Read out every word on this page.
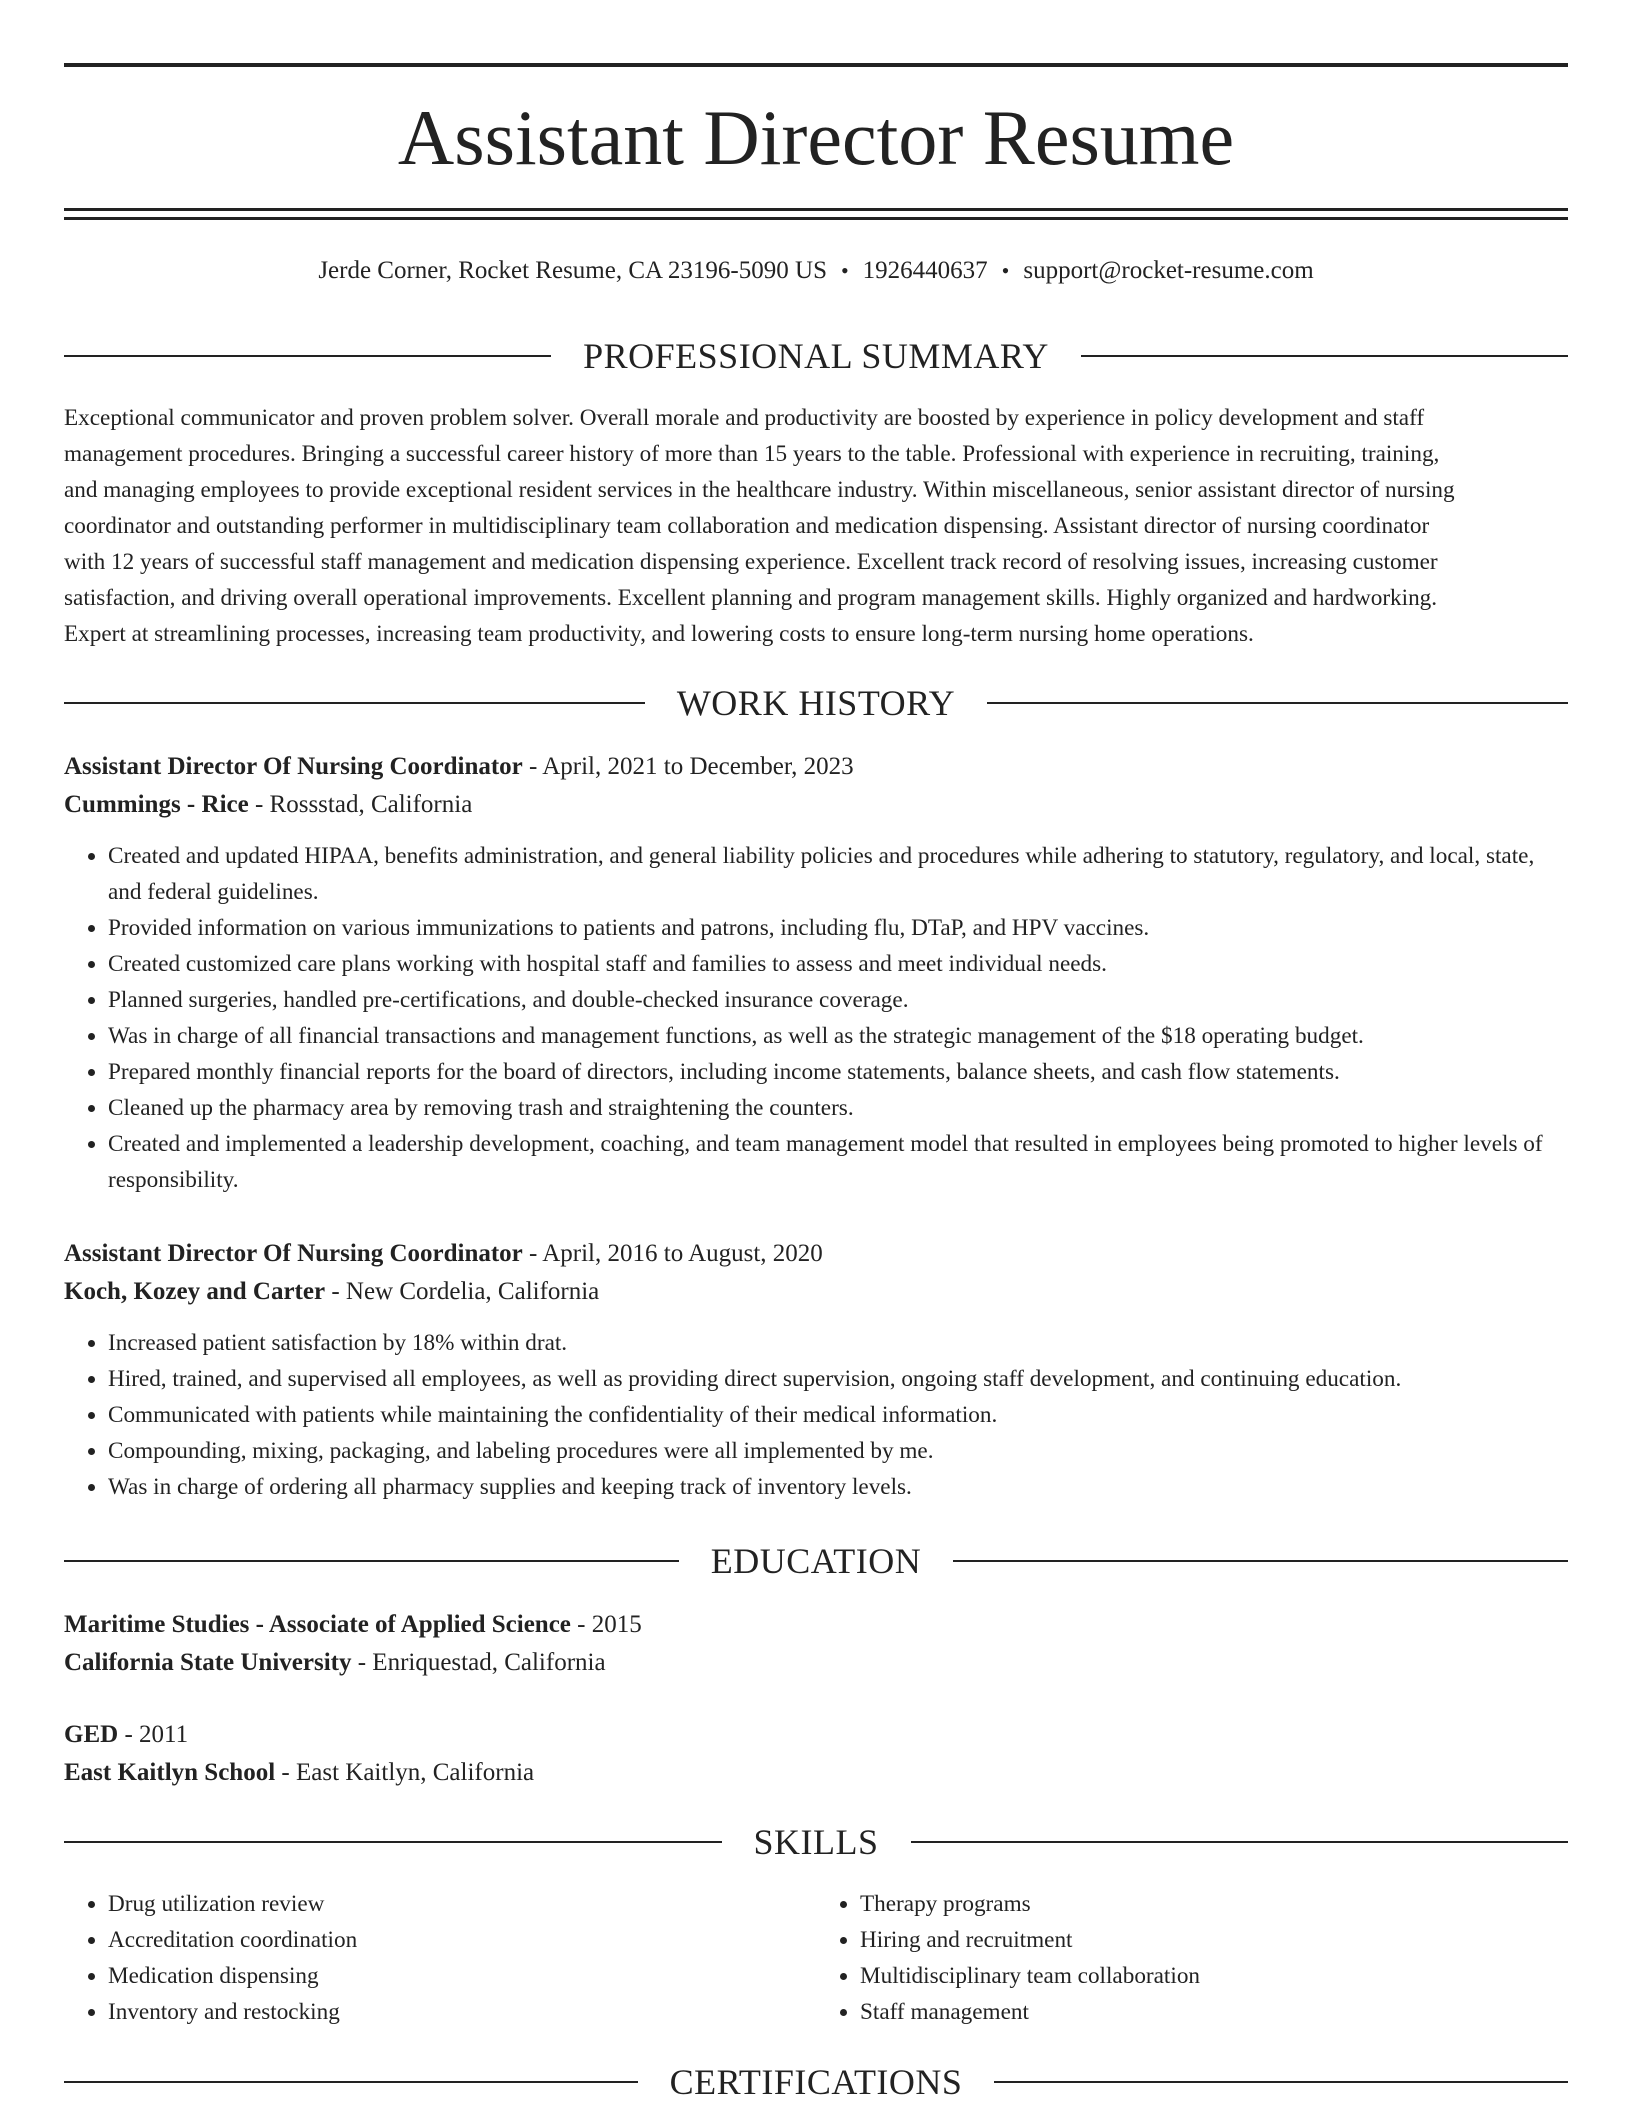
Assistant Director Resume
Jerde Corner, Rocket Resume, CA 23196-5090 US • 1926440637 • support@rocket-resume.com
PROFESSIONAL SUMMARY
Exceptional communicator and proven problem solver. Overall morale and productivity are boosted by experience in policy development and staff
management procedures. Bringing a successful career history of more than 15 years to the table. Professional with experience in recruiting, training,
and managing employees to provide exceptional resident services in the healthcare industry. Within miscellaneous, senior assistant director of nursing
coordinator and outstanding performer in multidisciplinary team collaboration and medication dispensing. Assistant director of nursing coordinator
with 12 years of successful staff management and medication dispensing experience. Excellent track record of resolving issues, increasing customer
satisfaction, and driving overall operational improvements. Excellent planning and program management skills. Highly organized and hardworking.
Expert at streamlining processes, increasing team productivity, and lowering costs to ensure long-term nursing home operations.
WORK HISTORY
Assistant Director Of Nursing Coordinator - April, 2021 to December, 2023
Cummings - Rice - Rossstad, California
• Created and updated HIPAA, benefits administration, and general liability policies and procedures while adhering to statutory, regulatory, and local, state, and federal guidelines.
• Provided information on various immunizations to patients and patrons, including flu, DTaP, and HPV vaccines.
• Created customized care plans working with hospital staff and families to assess and meet individual needs.
• Planned surgeries, handled pre-certifications, and double-checked insurance coverage.
• Was in charge of all financial transactions and management functions, as well as the strategic management of the $18 operating budget.
• Prepared monthly financial reports for the board of directors, including income statements, balance sheets, and cash flow statements.
• Cleaned up the pharmacy area by removing trash and straightening the counters.
• Created and implemented a leadership development, coaching, and team management model that resulted in employees being promoted to higher levels of responsibility.
Assistant Director Of Nursing Coordinator - April, 2016 to August, 2020
Koch, Kozey and Carter - New Cordelia, California
• Increased patient satisfaction by 18% within drat.
• Hired, trained, and supervised all employees, as well as providing direct supervision, ongoing staff development, and continuing education.
• Communicated with patients while maintaining the confidentiality of their medical information.
• Compounding, mixing, packaging, and labeling procedures were all implemented by me.
• Was in charge of ordering all pharmacy supplies and keeping track of inventory levels.
EDUCATION
Maritime Studies - Associate of Applied Science - 2015
California State University - Enriquestad, California
GED - 2011
East Kaitlyn School - East Kaitlyn, California
SKILLS
• Drug utilization review
• Accreditation coordination
• Medication dispensing
• Inventory and restocking
• Therapy programs
• Hiring and recruitment
• Multidisciplinary team collaboration
• Staff management
CERTIFICATIONS
